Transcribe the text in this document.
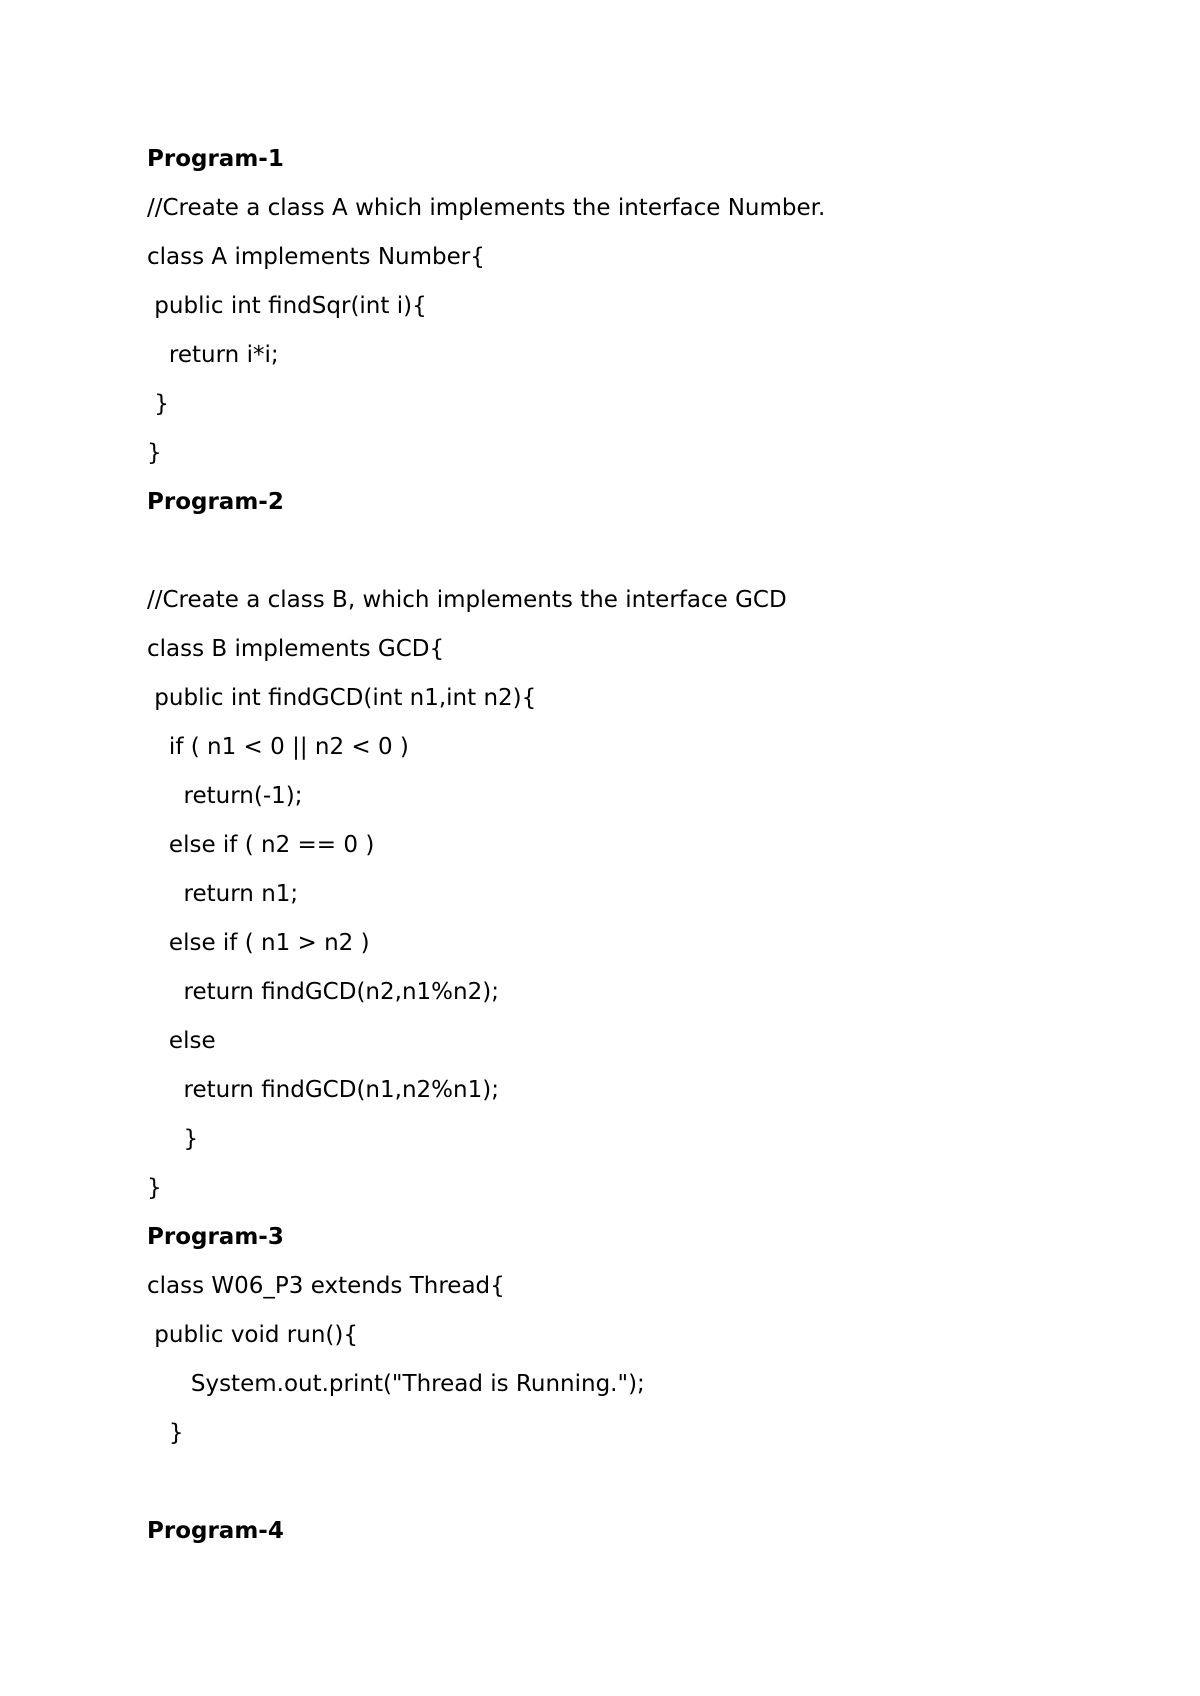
Program-1

//Create a class A which implements the interface Number.

class A implements Number{

public int findSqr(int i){

return i*i;

}

}

Program-2

//Create a class B, which implements the interface GCD

class B implements GCD{

public int findGCD(int n1,int n2){

if ( n1 < 0 || n2 < 0 )

return(-1);

else if ( n2 == 0 )

return n1;

else if ( n1 > n2 )

return findGCD(n2,n1%n2);

else

return findGCD(n1,n2%n1);

}

}

Program-3

class W06_P3 extends Thread{

public void run(){

System.out.print("Thread is Running.");

}

Program-4
